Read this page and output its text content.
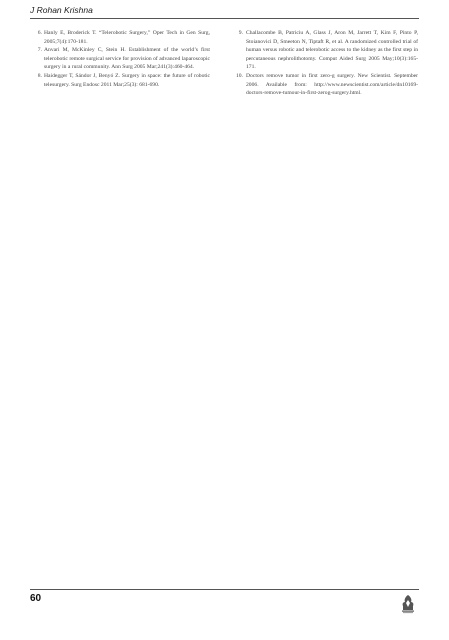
J Rohan Krishna
6. Hanly E, Broderick T. “Telerobotic Surgery,” Oper Tech in Gen Surg, 2005;7(4):170-181.
7. Anvari M, McKinley C, Stein H. Establishment of the world’s first telerobotic remote surgical service for provision of advanced laparoscopic surgery in a rural community. Ann Surg 2005 Mar;241(3):460-464.
8. Haidegger T, Sándor J, Benyó Z. Surgery in space: the future of robotic telesurgery. Surg Endosc 2011 Mar;25(3): 681-690.
9. Challacombe B, Patriciu A, Glass J, Aron M, Jarrett T, Kim F, Pinto P, Stoianovici D, Smeeton N, Tiptaft R, et al. A randomized controlled trial of human versus robotic and telerobotic access to the kidney as the first step in percutaneous nephrolithotomy. Comput Aided Surg 2005 May;10(3):165-171.
10. Doctors remove tumor in first zero-g surgery. New Scientist. September 2006. Available from: http://www.newscientist.com/article/dn10169-doctors-remove-tumour-in-first-zerog-surgery.html.
60
